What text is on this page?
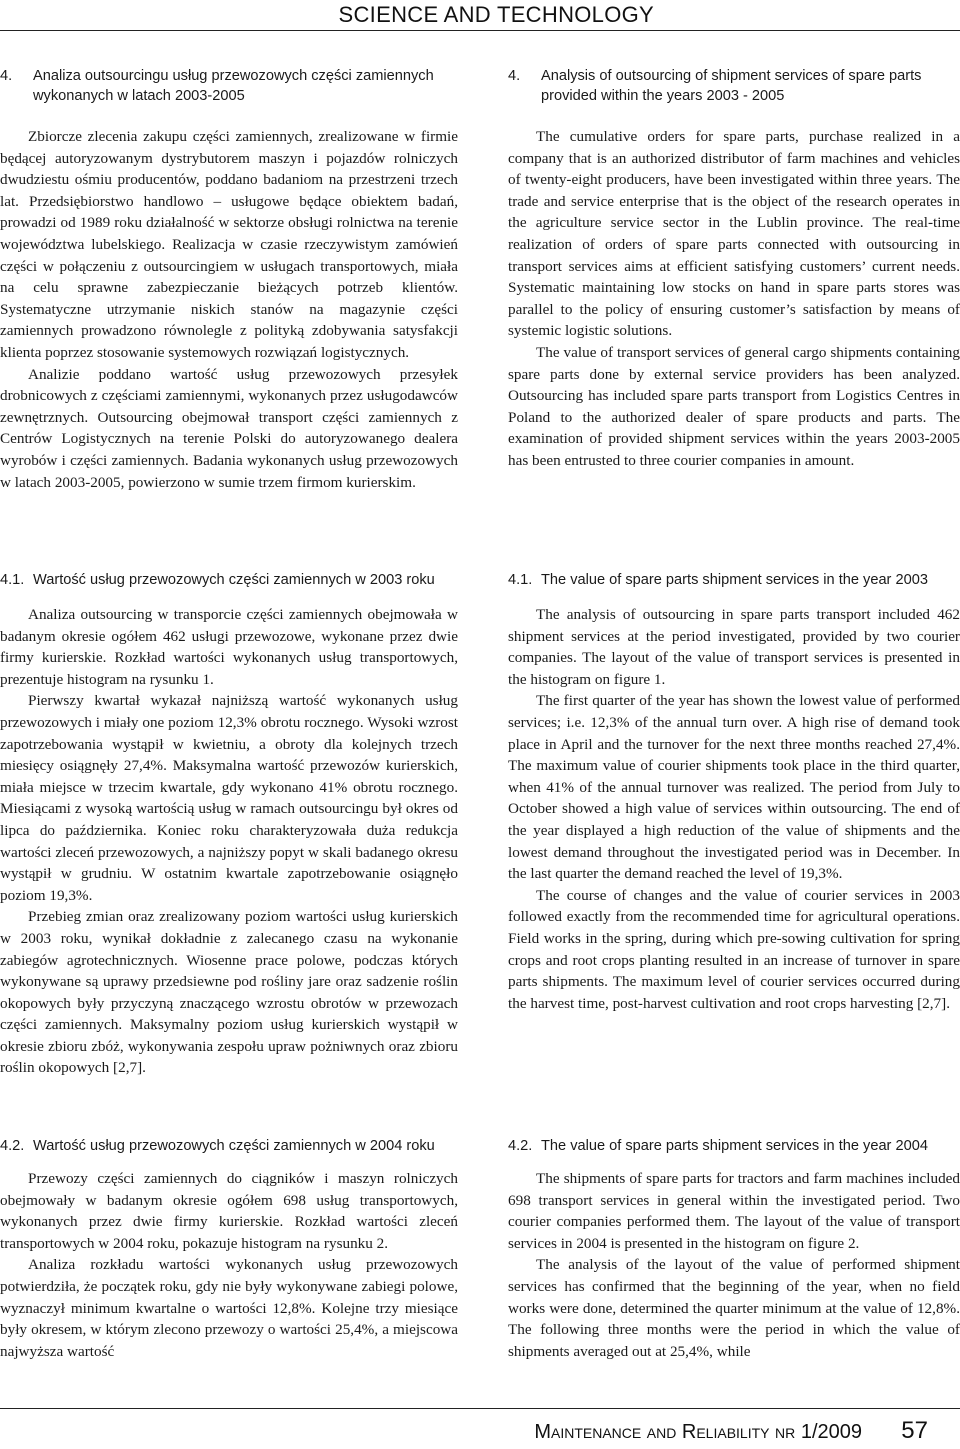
SCIENCE AND TECHNOLOGY
4.	Analiza outsourcingu usług przewozowych części zamiennych wykonanych w latach 2003-2005

Zbiorcze zlecenia zakupu części zamiennych, zrealizowane w firmie będącej autoryzowanym dystrybutorem maszyn i pojazdów rolniczych dwudziestu ośmiu producentów, poddano badaniom na przestrzeni trzech lat. Przedsiębiorstwo handlowo – usługowe będące obiektem badań, prowadzi od 1989 roku działalność w sektorze obsługi rolnictwa na terenie województwa lubelskiego. Realizacja w czasie rzeczywistym zamówień części w połączeniu z outsourcingiem w usługach transportowych, miała na celu sprawne zabezpieczanie bieżących potrzeb klientów. Systematyczne utrzymanie niskich stanów na magazynie części zamiennych prowadzono równolegle z polityką zdobywania satysfakcji klienta poprzez stosowanie systemowych rozwiązań logistycznych.

Analizie poddano wartość usług przewozowych przesyłek drobnicowych z częściami zamiennymi, wykonanych przez usługodawców zewnętrznych. Outsourcing obejmował transport części zamiennych z Centrów Logistycznych na terenie Polski do autoryzowanego dealera wyrobów i części zamiennych. Badania wykonanych usług przewozowych w latach 2003-2005, powierzono w sumie trzem firmom kurierskim.

4.1. Wartość usług przewozowych części zamiennych w 2003 roku

Analiza outsourcing w transporcie części zamiennych obejmowała w badanym okresie ogółem 462 usługi przewozowe, wykonane przez dwie firmy kurierskie. Rozkład wartości wykonanych usług transportowych, prezentuje histogram na rysunku 1.

Pierwszy kwartał wykazał najniższą wartość wykonanych usług przewozowych i miały one poziom 12,3% obrotu rocznego. Wysoki wzrost zapotrzebowania wystąpił w kwietniu, a obroty dla kolejnych trzech miesięcy osiągnęły 27,4%. Maksymalna wartość przewozów kurierskich, miała miejsce w trzecim kwartale, gdy wykonano 41% obrotu rocznego. Miesiącami z wysoką wartością usług w ramach outsourcingu był okres od lipca do października. Koniec roku charakteryzowała duża redukcja wartości zleceń przewozowych, a najniższy popyt w skali badanego okresu wystąpił w grudniu. W ostatnim kwartale zapotrzebowanie osiągnęło poziom 19,3%.

Przebieg zmian oraz zrealizowany poziom wartości usług kurierskich w 2003 roku, wynikał dokładnie z zalecanego czasu na wykonanie zabiegów agrotechnicznych. Wiosenne prace polowe, podczas których wykonywane są uprawy przedsiewne pod rośliny jare oraz sadzenie roślin okopowych były przyczyną znaczącego wzrostu obrotów w przewozach części zamiennych. Maksymalny poziom usług kurierskich wystąpił w okresie zbioru zbóż, wykonywania zespołu upraw pożniwnych oraz zbioru roślin okopowych [2,7].

4.2. Wartość usług przewozowych części zamiennych w 2004 roku

Przewozy części zamiennych do ciągników i maszyn rolniczych obejmowały w badanym okresie ogółem 698 usług transportowych, wykonanych przez dwie firmy kurierskie. Rozkład wartości zleceń transportowych w 2004 roku, pokazuje histogram na rysunku 2.

Analiza rozkładu wartości wykonanych usług przewozowych potwierdziła, że początek roku, gdy nie były wykonywane zabiegi polowe, wyznaczył minimum kwartalne o wartości 12,8%. Kolejne trzy miesiące były okresem, w którym zlecono przewozy o wartości 25,4%, a miejscowa najwyższa wartość

4.	Analysis of outsourcing of shipment services of spare parts provided within the years 2003 - 2005

The cumulative orders for spare parts, purchase realized in a company that is an authorized distributor of farm machines and vehicles of twenty-eight producers, have been investigated within three years. The trade and service enterprise that is the object of the research operates in the agriculture service sector in the Lublin province. The real-time realization of orders of spare parts connected with outsourcing in transport services aims at efficient satisfying customers’ current needs. Systematic maintaining low stocks on hand in spare parts stores was parallel to the policy of ensuring customer’s satisfaction by means of systemic logistic solutions.

The value of transport services of general cargo shipments containing spare parts done by external service providers has been analyzed. Outsourcing has included spare parts transport from Logistics Centres in Poland to the authorized dealer of spare products and parts. The examination of provided shipment services within the years 2003-2005 has been entrusted to three courier companies in amount.

4.1. The value of spare parts shipment services in the year 2003

The analysis of outsourcing in spare parts transport included 462 shipment services at the period investigated, provided by two courier companies. The layout of the value of transport services is presented in the histogram on figure 1.

The first quarter of the year has shown the lowest value of performed services; i.e. 12,3% of the annual turn over. A high rise of demand took place in April and the turnover for the next three months reached 27,4%. The maximum value of courier shipments took place in the third quarter, when 41% of the annual turnover was realized. The period from July to October showed a high value of services within outsourcing. The end of the year displayed a high reduction of the value of shipments and the lowest demand throughout the investigated period was in December. In the last quarter the demand reached the level of 19,3%.

The course of changes and the value of courier services in 2003 followed exactly from the recommended time for agricultural operations. Field works in the spring, during which pre-sowing cultivation for spring crops and root crops planting resulted in an increase of turnover in spare parts shipments. The maximum level of courier services occurred during the harvest time, post-harvest cultivation and root crops harvesting [2,7].

4.2. The value of spare parts shipment services in the year 2004

The shipments of spare parts for tractors and farm machines included 698 transport services in general within the investigated period. Two courier companies performed them. The layout of the value of transport services in 2004 is presented in the histogram on figure 2.

The analysis of the layout of the value of performed shipment services has confirmed that the beginning of the year, when no field works were done, determined the quarter minimum at the value of 12,8%. The following three months were the period in which the value of shipments averaged out at 25,4%, while

Maintenance and Reliability nr 1/2009 57
